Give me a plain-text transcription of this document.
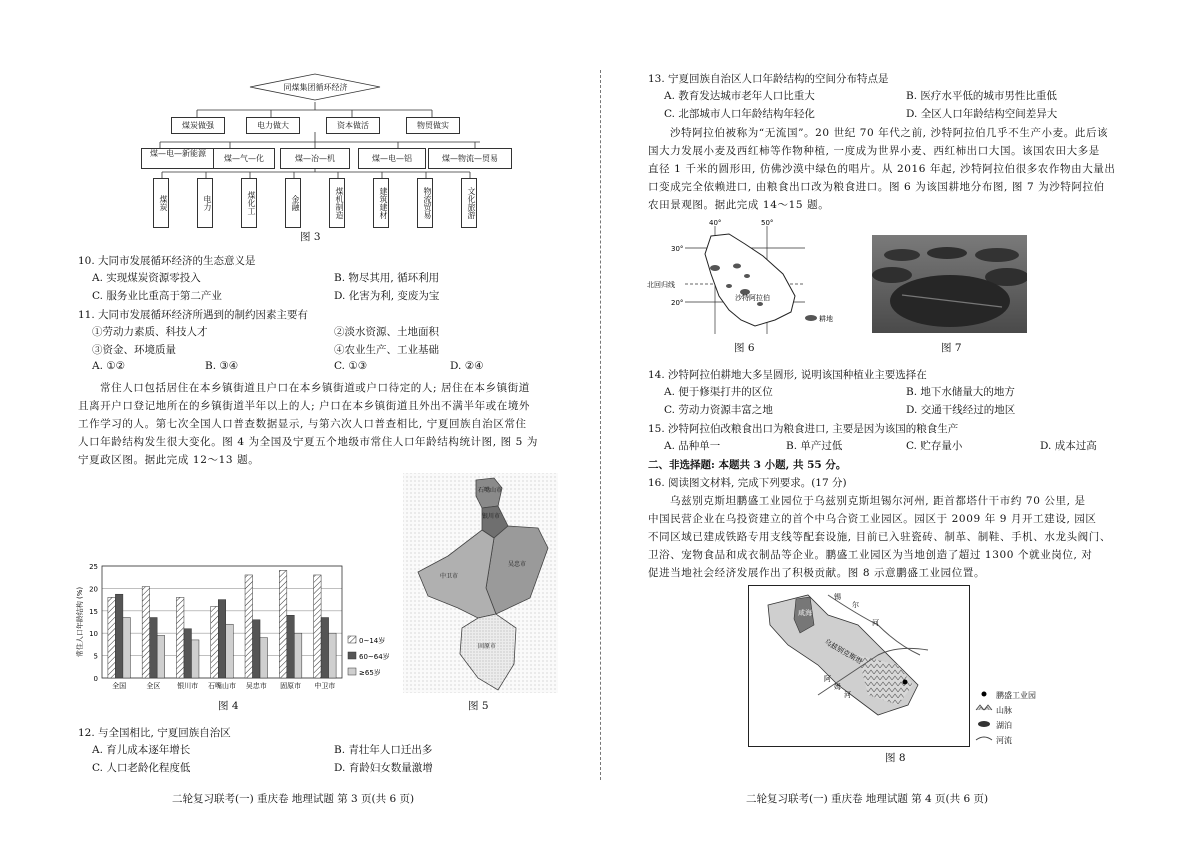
同煤集团循环经济
煤炭做强	电力做大	资本做活	物贸做实
煤—电—新能源
煤—气—化	煤—冶—机	煤—电—铝	煤—物流—贸易
煤炭	电力	煤化工	金融	煤机制造	建筑建材	物流贸易	文化旅游
图 3
10. 大同市发展循环经济的生态意义是
A. 实现煤炭资源零投入	B. 物尽其用, 循环利用
C. 服务业比重高于第二产业	D. 化害为利, 变废为宝
11. 大同市发展循环经济所遇到的制约因素主要有
①劳动力素质、科技人才	②淡水资源、土地面积
③资金、环境质量	④农业生产、工业基础
A. ①②	B. ③④	C. ①③	D. ②④
常住人口包括居住在本乡镇街道且户口在本乡镇街道或户口待定的人; 居住在本乡镇街道
且离开户口登记地所在的乡镇街道半年以上的人; 户口在本乡镇街道且外出不满半年或在境外
工作学习的人。第七次全国人口普查数据显示, 与第六次人口普查相比, 宁夏回族自治区常住
人口年龄结构发生很大变化。图 4 为全国及宁夏五个地级市常住人口年龄结构统计图, 图 5 为
宁夏政区图。据此完成 12～13 题。
0
5
10
15
20
25
常住人口年龄结构 (%)
全国	全区 银川市 石嘴山市 吴忠市 固原市 中卫市
0~14岁
60~64岁
≥65岁
图 4
石嘴山市
银川市
吴忠市
中卫市
固原市
图 5
12. 与全国相比, 宁夏回族自治区
A. 育儿成本逐年增长	B. 青壮年人口迁出多
C. 人口老龄化程度低	D. 育龄妇女数量激增
二轮复习联考(一) 重庆卷 地理试题 第 3 页(共 6 页)
13. 宁夏回族自治区人口年龄结构的空间分布特点是
A. 教育发达城市老年人口比重大	B. 医疗水平低的城市男性比重低
C. 北部城市人口年龄结构年轻化	D. 全区人口年龄结构空间差异大
沙特阿拉伯被称为“无流国”。20 世纪 70 年代之前, 沙特阿拉伯几乎不生产小麦。此后该
国大力发展小麦及西红柿等作物种植, 一度成为世界小麦、西红柿出口大国。该国农田大多是
直径 1 千米的圆形田, 仿佛沙漠中绿色的唱片。从 2016 年起, 沙特阿拉伯很多农作物由大量出
口变成完全依赖进口, 由粮食出口改为粮食进口。图 6 为该国耕地分布图, 图 7 为沙特阿拉伯
农田景观图。据此完成 14～15 题。
40°	50°
30°
20°
北回归线
沙特阿拉伯
耕地
图 6	图 7
14. 沙特阿拉伯耕地大多呈圆形, 说明该国种植业主要选择在
A. 便于修渠打井的区位	B. 地下水储量大的地方
C. 劳动力资源丰富之地	D. 交通干线经过的地区
15. 沙特阿拉伯改粮食出口为粮食进口, 主要是因为该国的粮食生产
A. 品种单一	B. 单产过低	C. 贮存量小	D. 成本过高
二、非选择题: 本题共 3 小题, 共 55 分。
16. 阅读图文材料, 完成下列要求。(17 分)
乌兹别克斯坦鹏盛工业园位于乌兹别克斯坦锡尔河州, 距首都塔什干市约 70 公里, 是
中国民营企业在乌投资建立的首个中乌合资工业园区。园区于 2009 年 9 月开工建设, 园区
不同区域已建成铁路专用支线等配套设施, 目前已入驻瓷砖、制革、制鞋、手机、水龙头阀门、
卫浴、宠物食品和成衣制品等企业。鹏盛工业园区为当地创造了超过 1300 个就业岗位, 对
促进当地社会经济发展作出了积极贡献。图 8 示意鹏盛工业园位置。
咸海
锡
尔
河
阿
姆
河
乌兹别克斯坦
鹏盛工业园
山脉
湖泊
河流
图 8
二轮复习联考(一) 重庆卷 地理试题 第 4 页(共 6 页)
